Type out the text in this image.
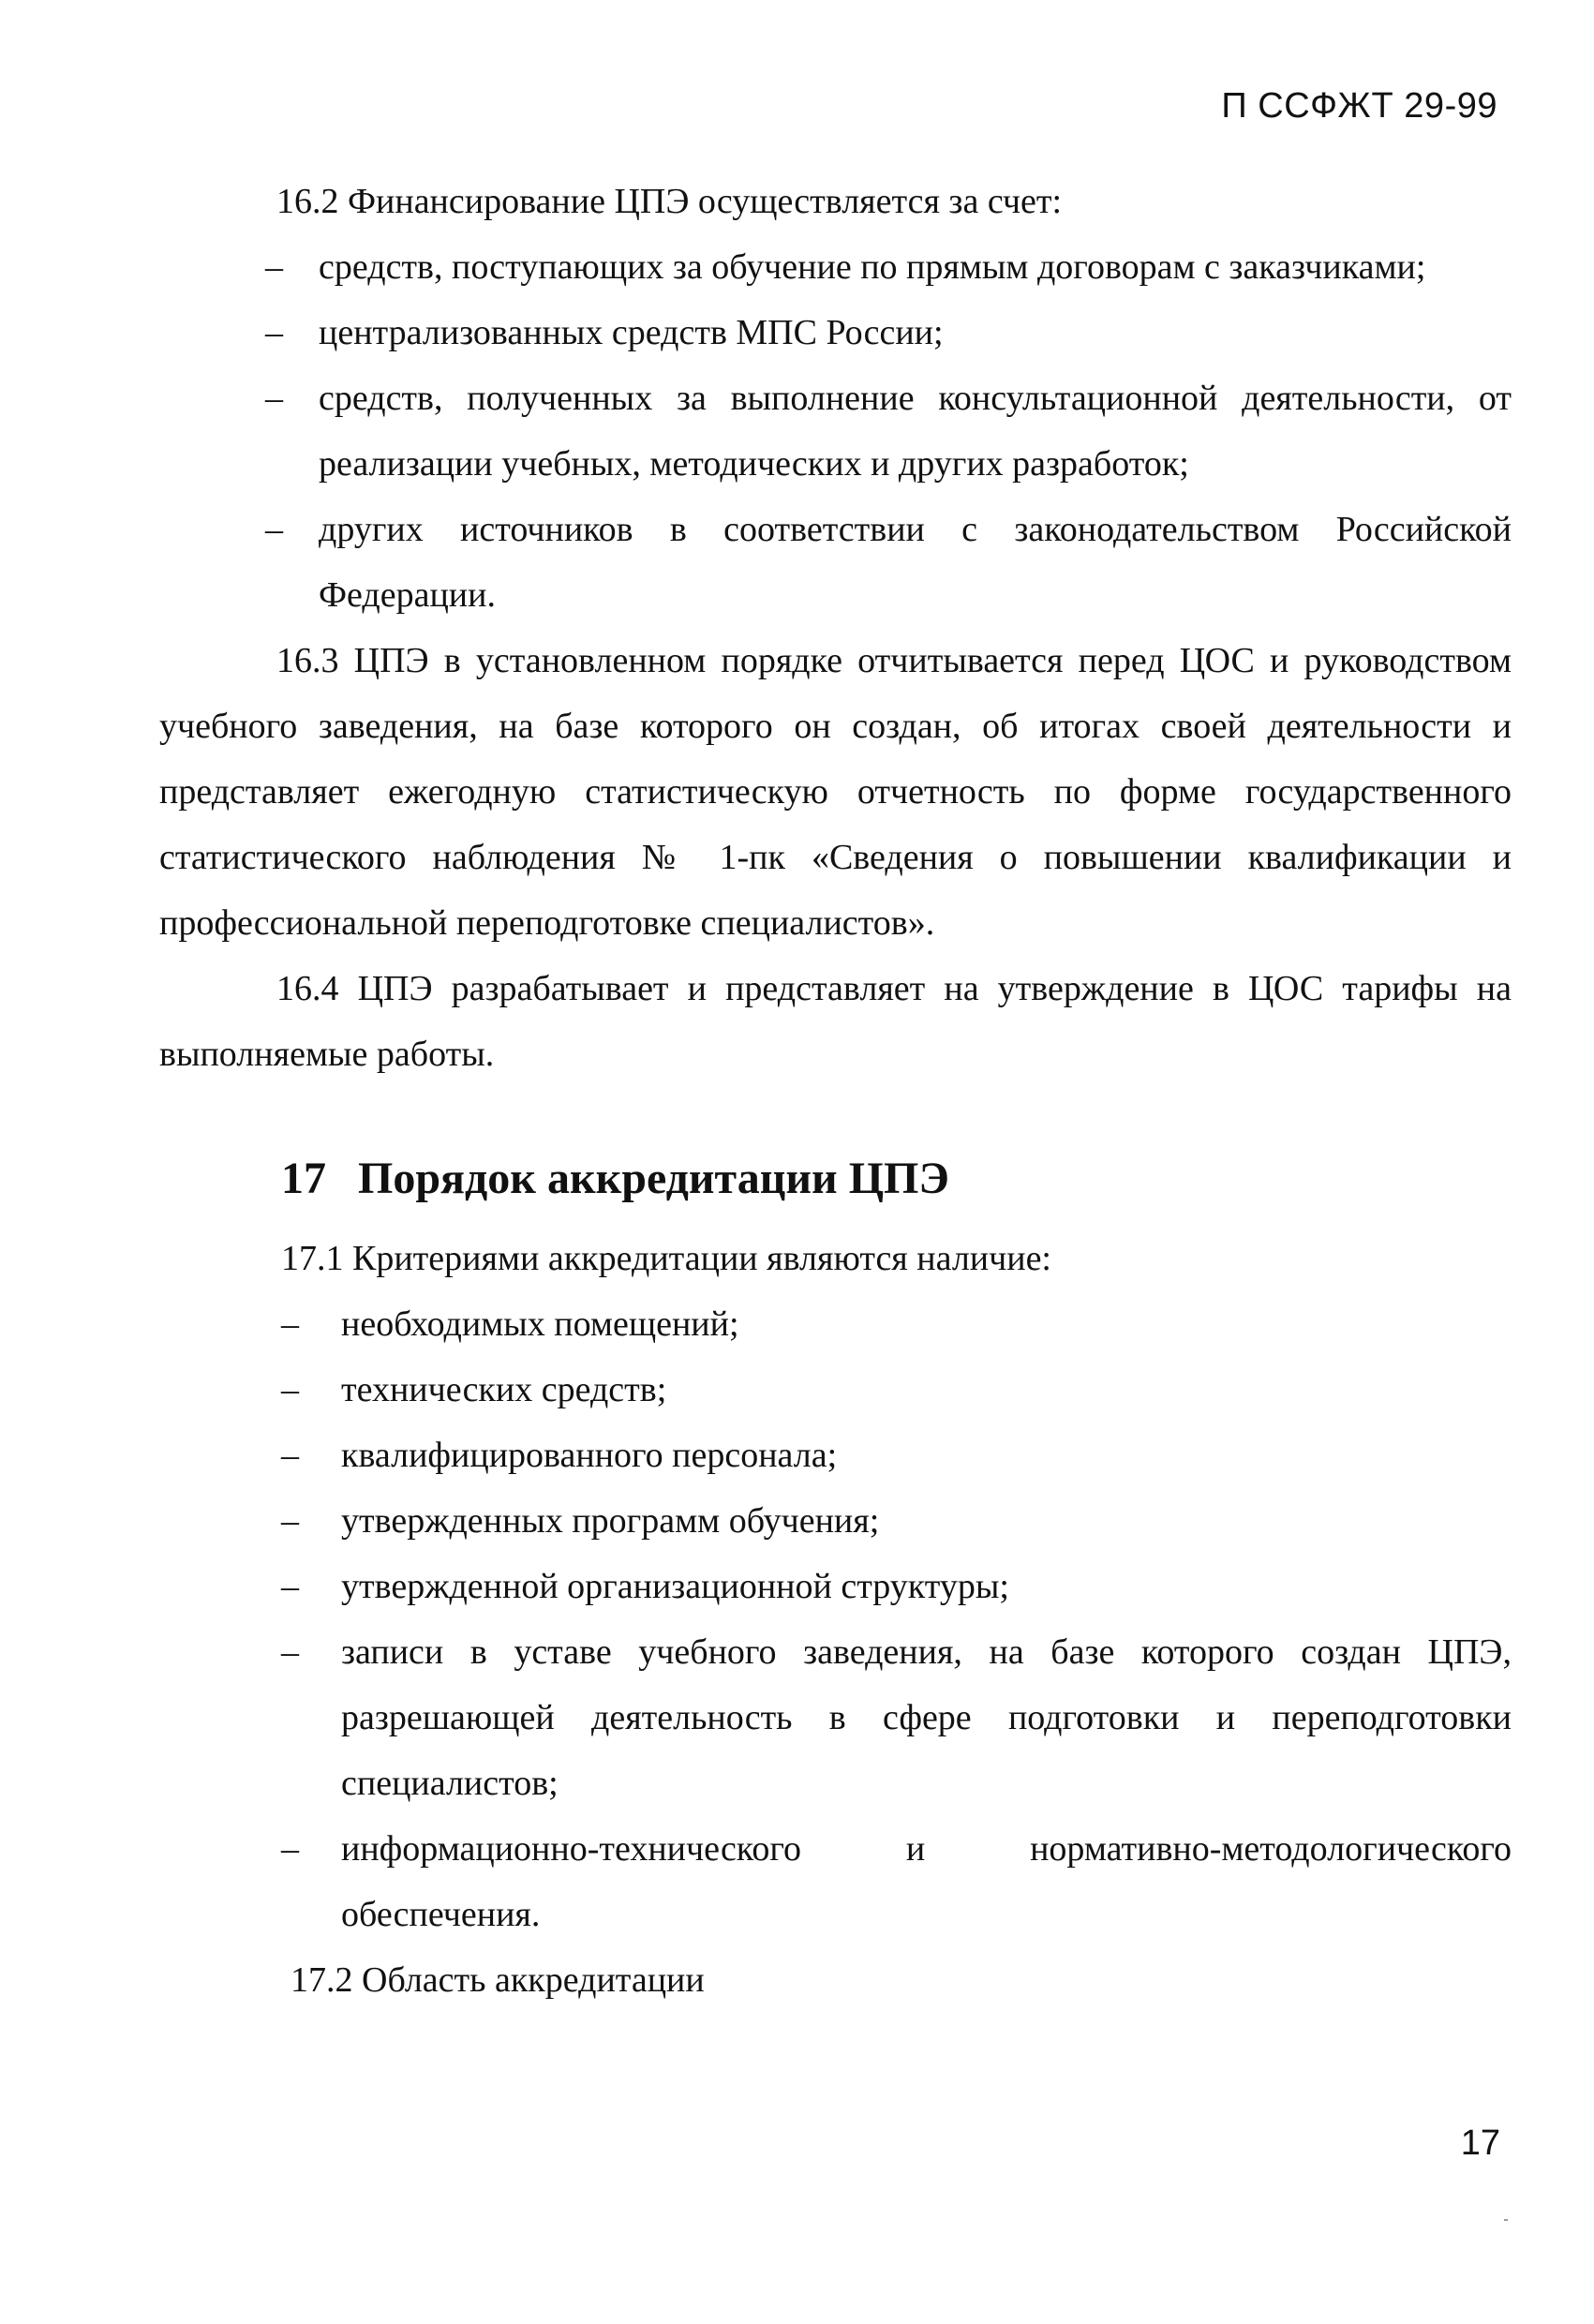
П ССФЖТ 29-99

16.2 Финансирование ЦПЭ осуществляется за счет:

– средств, поступающих за обучение по прямым договорам с заказчиками;
– централизованных средств МПС России;
– средств, полученных за выполнение консультационной деятельности, от реализации учебных, методических и других разработок;
– других источников в соответствии с законодательством Российской Федерации.

16.3 ЦПЭ в установленном порядке отчитывается перед ЦОС и руководством учебного заведения, на базе которого он создан, об итогах своей деятельности и представляет ежегодную статистическую отчетность по форме государственного статистического наблюдения № 1-пк «Сведения о повышении квалификации и профессиональной переподготовке специалистов».

16.4 ЦПЭ разрабатывает и представляет на утверждение в ЦОС тарифы на выполняемые работы.

17 Порядок аккредитации ЦПЭ

17.1 Критериями аккредитации являются наличие:

– необходимых помещений;
– технических средств;
– квалифицированного персонала;
– утвержденных программ обучения;
– утвержденной организационной структуры;
– записи в уставе учебного заведения, на базе которого создан ЦПЭ, разрешающей деятельность в сфере подготовки и переподготовки специалистов;
– информационно-технического и нормативно-методологического обеспечения.

17.2 Область аккредитации

17
